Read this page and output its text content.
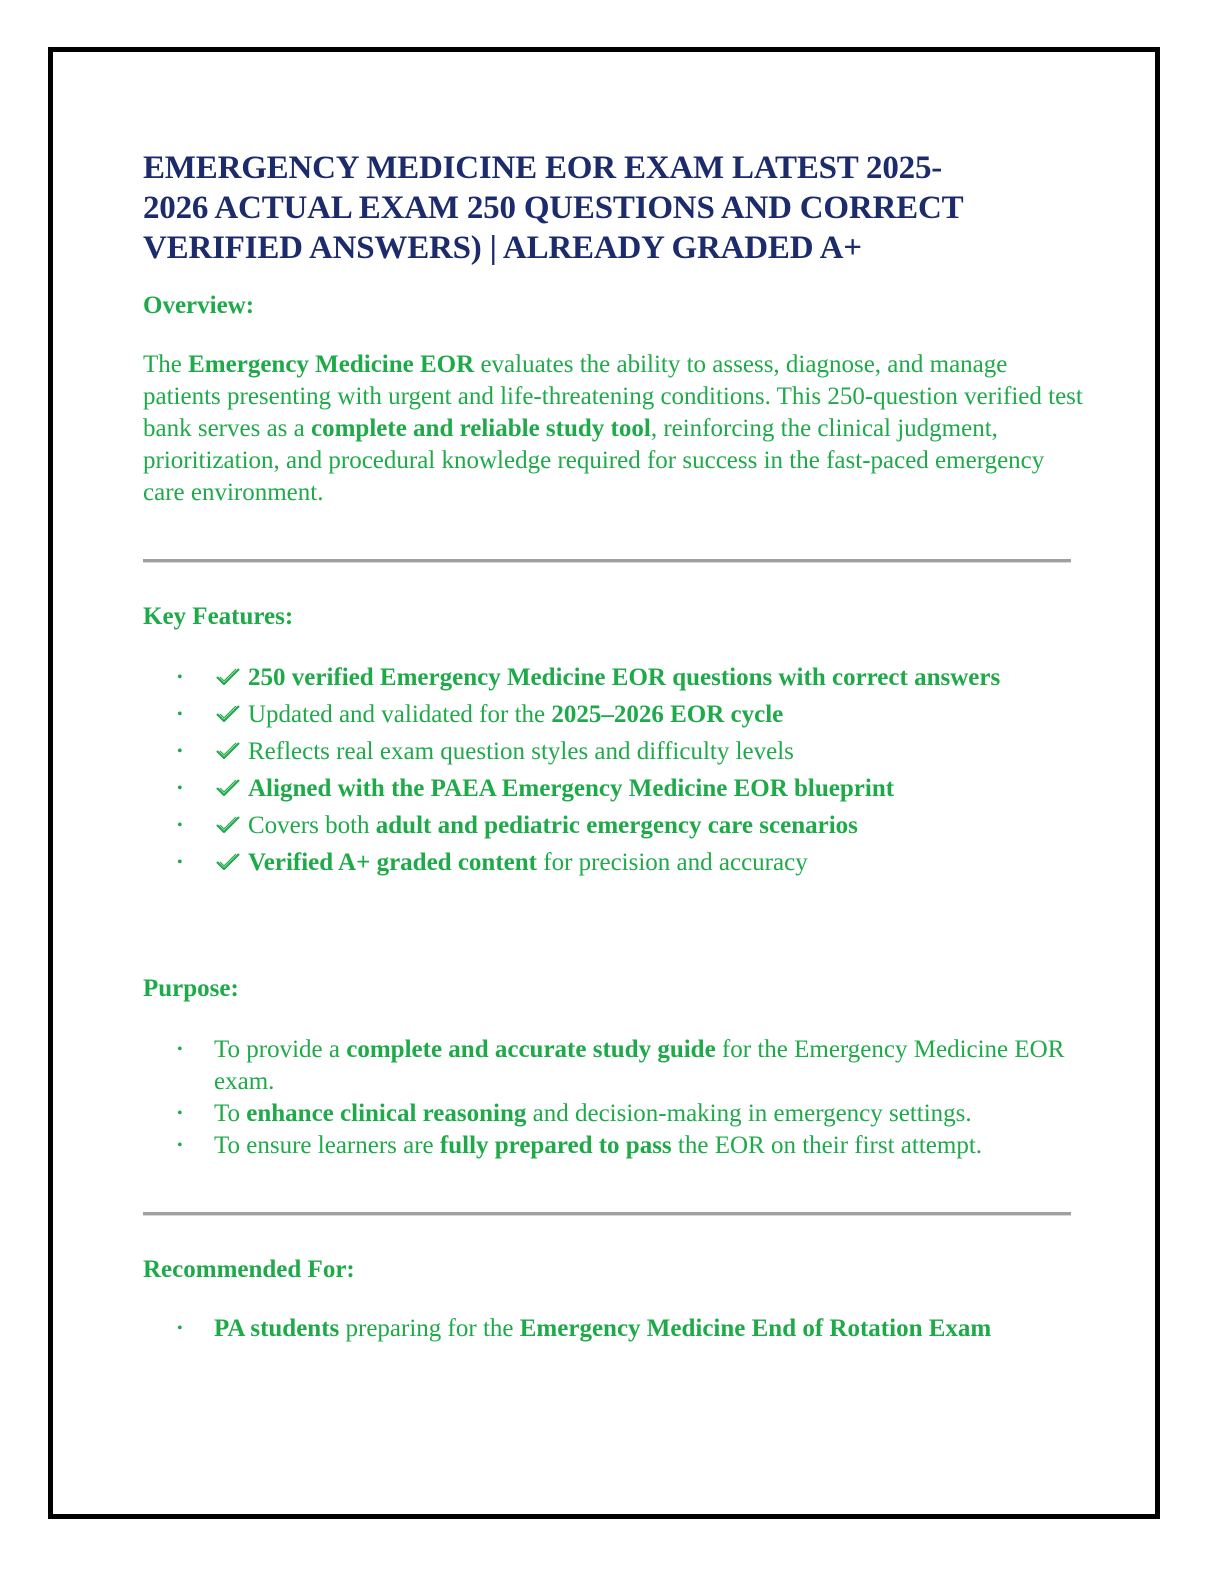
EMERGENCY MEDICINE EOR EXAM LATEST 2025-
2026 ACTUAL EXAM 250 QUESTIONS AND CORRECT
VERIFIED ANSWERS) | ALREADY GRADED A+
Overview:

The Emergency Medicine EOR evaluates the ability to assess, diagnose, and manage patients presenting with urgent and life-threatening conditions. This 250-question verified test bank serves as a complete and reliable study tool, reinforcing the clinical judgment, prioritization, and procedural knowledge required for success in the fast-paced emergency care environment.

Key Features:
•	250 verified Emergency Medicine EOR questions with correct answers
•	Updated and validated for the 2025–2026 EOR cycle
•	Reflects real exam question styles and difficulty levels
•	Aligned with the PAEA Emergency Medicine EOR blueprint
•	Covers both adult and pediatric emergency care scenarios
•	Verified A+ graded content for precision and accuracy
Purpose:
• To provide a complete and accurate study guide for the Emergency Medicine EOR exam.
• To enhance clinical reasoning and decision-making in emergency settings.
• To ensure learners are fully prepared to pass the EOR on their first attempt.
Recommended For:
• PA students preparing for the Emergency Medicine End of Rotation Exam
